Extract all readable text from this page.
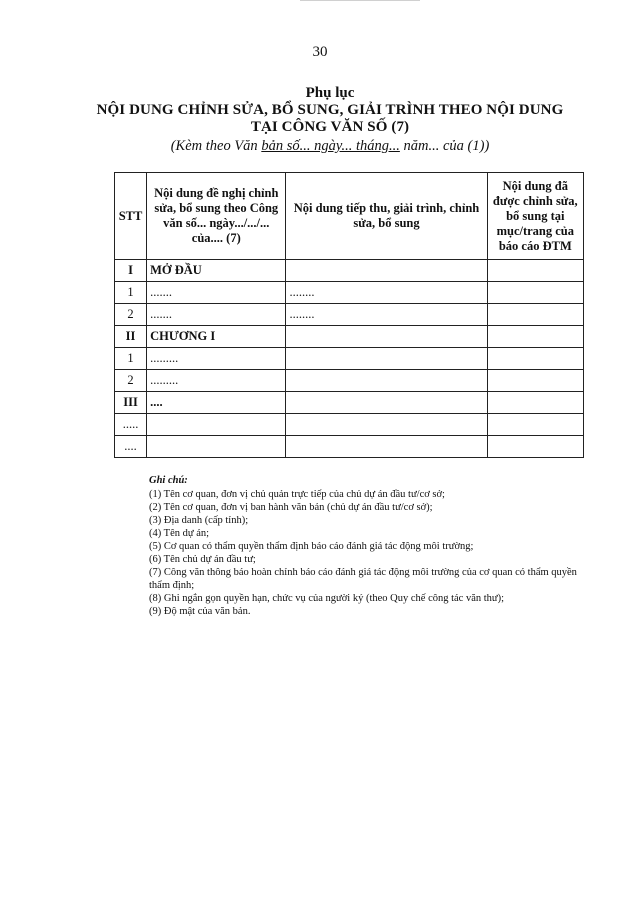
30
Phụ lục
NỘI DUNG CHỈNH SỬA, BỔ SUNG, GIẢI TRÌNH THEO NỘI DUNG
TẠI CÔNG VĂN SỐ (7)
(Kèm theo Văn bản số... ngày... tháng... năm... của (1))
STT	Nội dung đề nghị chỉnh sửa, bổ sung theo Công văn số... ngày.../.../... của.... (7)	Nội dung tiếp thu, giải trình, chỉnh sửa, bổ sung	Nội dung đã được chỉnh sửa, bổ sung tại mục/trang của báo cáo ĐTM
I	MỞ ĐẦU		
1	.......	........	
2	.......	........	
II	CHƯƠNG I		
1	.........		
2	.........		
III	....		
.....			
....			
Ghi chú:
(1) Tên cơ quan, đơn vị chủ quản trực tiếp của chủ dự án đầu tư/cơ sở;
(2) Tên cơ quan, đơn vị ban hành văn bản (chủ dự án đầu tư/cơ sở);
(3) Địa danh (cấp tỉnh);
(4) Tên dự án;
(5) Cơ quan có thẩm quyền thẩm định báo cáo đánh giá tác động môi trường;
(6) Tên chủ dự án đầu tư;
(7) Công văn thông báo hoàn chỉnh báo cáo đánh giá tác động môi trường của cơ quan có thẩm quyền thẩm định;
(8) Ghi ngắn gọn quyền hạn, chức vụ của người ký (theo Quy chế công tác văn thư);
(9) Độ mật của văn bản.
